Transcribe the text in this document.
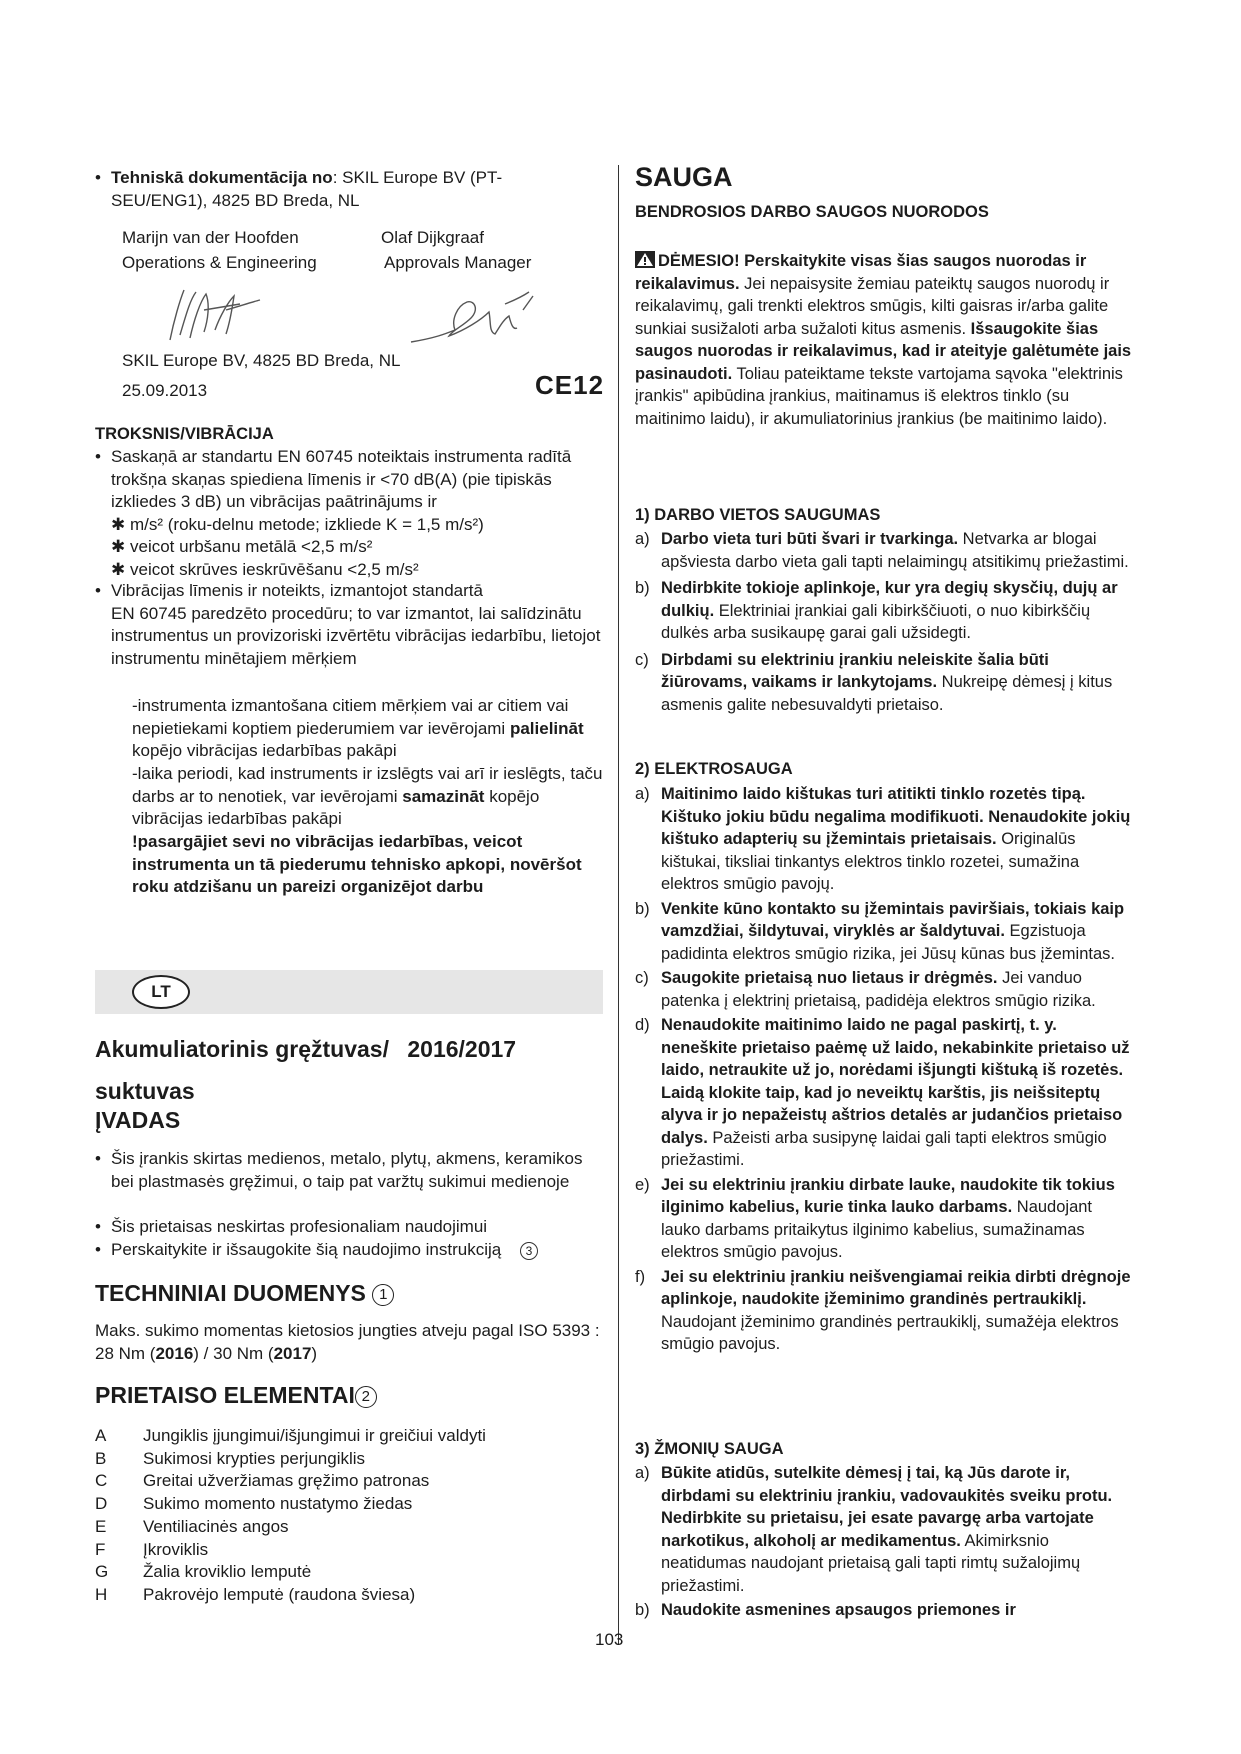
• Tehniskā dokumentācija no: SKIL Europe BV (PT-SEU/ENG1), 4825 BD Breda, NL
Marijn van der Hoofden
Operations & Engineering
Olaf Dijkgraaf
Approvals Manager
SKIL Europe BV, 4825 BD Breda, NL
25.09.2013	CE12
TROKSNIS/VIBRĀCIJA
• Saskaņā ar standartu EN 60745 noteiktais instrumenta radītā trokšņa skaņas spiediena līmenis ir <70 dB(A) (pie tipiskās izkliedes 3 dB) un vibrācijas paātrinājums ir
✱ m/s² (roku-delnu metode; izkliede K = 1,5 m/s²)
✱ veicot urbšanu metālā <2,5 m/s²
✱ veicot skrūves ieskrūvēšanu <2,5 m/s²
• Vibrācijas līmenis ir noteikts, izmantojot standartā
EN 60745 paredzēto procedūru; to var izmantot, lai salīdzinātu instrumentus un provizoriski izvērtētu vibrācijas iedarbību, lietojot instrumentu minētajiem mērķiem
-instrumenta izmantošana citiem mērķiem vai ar citiem vai nepietiekami koptiem piederumiem var ievērojami palielināt kopējo vibrācijas iedarbības pakāpi
-laika periodi, kad instruments ir izslēgts vai arī ir ieslēgts, taču darbs ar to nenotiek, var ievērojami samazināt kopējo vibrācijas iedarbības pakāpi
!pasargājiet sevi no vibrācijas iedarbības, veicot instrumenta un tā piederumu tehnisko apkopi, novēršot roku atdzišanu un pareizi organizējot darbu
LT
Akumuliatorinis gręžtuvas/ 2016/2017
suktuvas
ĮVADAS
• Šis įrankis skirtas medienos, metalo, plytų, akmens, keramikos bei plastmasės gręžimui, o taip pat varžtų sukimui medienoje
• Šis prietaisas neskirtas profesionaliam naudojimui
• Perskaitykite ir išsaugokite šią naudojimo instrukciją 3
TECHNINIAI DUOMENYS 1
Maks. sukimo momentas kietosios jungties atveju pagal ISO 5393 : 28 Nm (2016) / 30 Nm (2017)
PRIETAISO ELEMENTAI 2
A Jungiklis įjungimui/išjungimui ir greičiui valdyti
B Sukimosi krypties perjungiklis
C Greitai užveržiamas gręžimo patronas
D Sukimo momento nustatymo žiedas
E Ventiliacinės angos
F Įkroviklis
G Žalia kroviklio lemputė
H Pakrovėjo lemputė (raudona šviesa)
SAUGA
BENDROSIOS DARBO SAUGOS NUORODOS
DĖMESIO! Perskaitykite visas šias saugos nuorodas ir reikalavimus. Jei nepaisysite žemiau pateiktų saugos nuorodų ir reikalavimų, gali trenkti elektros smūgis, kilti gaisras ir/arba galite sunkiai susižaloti arba sužaloti kitus asmenis. Išsaugokite šias saugos nuorodas ir reikalavimus, kad ir ateityje galėtumėte jais pasinaudoti. Toliau pateiktame tekste vartojama sąvoka "elektrinis įrankis" apibūdina įrankius, maitinamus iš elektros tinklo (su maitinimo laidu), ir akumuliatorinius įrankius (be maitinimo laido).
1) DARBO VIETOS SAUGUMAS
a) Darbo vieta turi būti švari ir tvarkinga. Netvarka ar blogai apšviesta darbo vieta gali tapti nelaimingų atsitikimų priežastimi.
b) Nedirbkite tokioje aplinkoje, kur yra degių skysčių, dujų ar dulkių. Elektriniai įrankiai gali kibirkščiuoti, o nuo kibirkščių dulkės arba susikaupę garai gali užsidegti.
c) Dirbdami su elektriniu įrankiu neleiskite šalia būti žiūrovams, vaikams ir lankytojams. Nukreipę dėmesį į kitus asmenis galite nebesuvaldyti prietaiso.
2) ELEKTROSAUGA
a) Maitinimo laido kištukas turi atitikti tinklo rozetės tipą. Kištuko jokiu būdu negalima modifikuoti. Nenaudokite jokių kištuko adapterių su įžemintais prietaisais. Originalūs kištukai, tiksliai tinkantys elektros tinklo rozetei, sumažina elektros smūgio pavojų.
b) Venkite kūno kontakto su įžemintais paviršiais, tokiais kaip vamzdžiai, šildytuvai, viryklės ar šaldytuvai. Egzistuoja padidinta elektros smūgio rizika, jei Jūsų kūnas bus įžemintas.
c) Saugokite prietaisą nuo lietaus ir drėgmės. Jei vanduo patenka į elektrinį prietaisą, padidėja elektros smūgio rizika.
d) Nenaudokite maitinimo laido ne pagal paskirtį, t. y. neneškite prietaiso paėmę už laido, nekabinkite prietaiso už laido, netraukite už jo, norėdami išjungti kištuką iš rozetės. Laidą klokite taip, kad jo neveiktų karštis, jis neišsiteptų alyva ir jo nepažeistų aštrios detalės ar judančios prietaiso dalys. Pažeisti arba susipynę laidai gali tapti elektros smūgio priežastimi.
e) Jei su elektriniu įrankiu dirbate lauke, naudokite tik tokius ilginimo kabelius, kurie tinka lauko darbams. Naudojant lauko darbams pritaikytus ilginimo kabelius, sumažinamas elektros smūgio pavojus.
f) Jei su elektriniu įrankiu neišvengiamai reikia dirbti drėgnoje aplinkoje, naudokite įžeminimo grandinės pertraukiklį. Naudojant įžeminimo grandinės pertraukiklį, sumažėja elektros smūgio pavojus.
3) ŽMONIŲ SAUGA
a) Būkite atidūs, sutelkite dėmesį į tai, ką Jūs darote ir, dirbdami su elektriniu įrankiu, vadovaukitės sveiku protu. Nedirbkite su prietaisu, jei esate pavargę arba vartojate narkotikus, alkoholį ar medikamentus. Akimirksnio neatidumas naudojant prietaisą gali tapti rimtų sužalojimų priežastimi.
b) Naudokite asmenines apsaugos priemones ir
103
